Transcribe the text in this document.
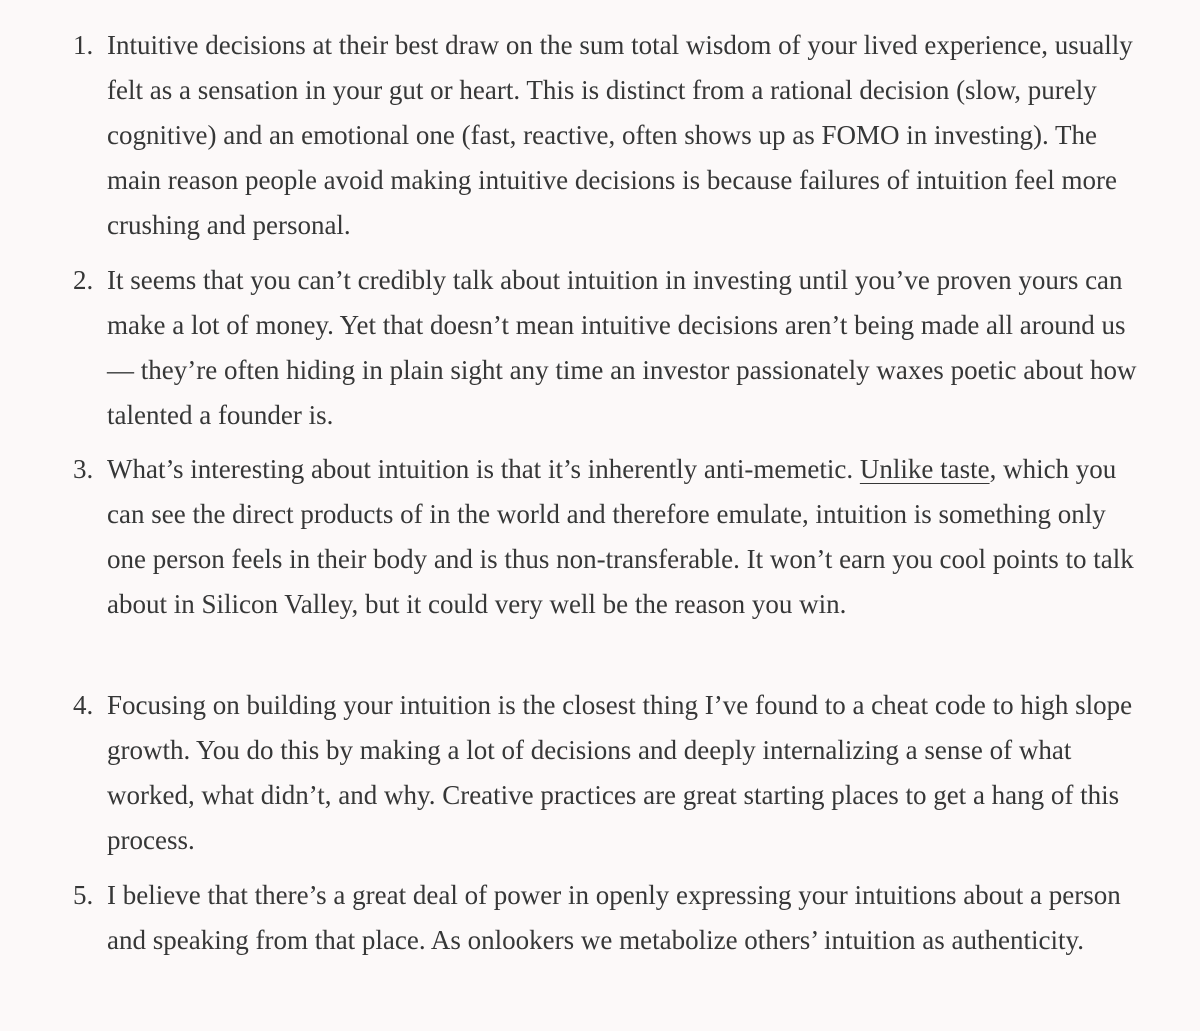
1. Intuitive decisions at their best draw on the sum total wisdom of your lived experience, usually felt as a sensation in your gut or heart. This is distinct from a rational decision (slow, purely cognitive) and an emotional one (fast, reactive, often shows up as FOMO in investing). The main reason people avoid making intuitive decisions is because failures of intuition feel more crushing and personal.
2. It seems that you can’t credibly talk about intuition in investing until you’ve proven yours can make a lot of money. Yet that doesn’t mean intuitive decisions aren’t being made all around us — they’re often hiding in plain sight any time an investor passionately waxes poetic about how talented a founder is.
3. What’s interesting about intuition is that it’s inherently anti-memetic. Unlike taste, which you can see the direct products of in the world and therefore emulate, intuition is something only one person feels in their body and is thus non-transferable. It won’t earn you cool points to talk about in Silicon Valley, but it could very well be the reason you win.
4. Focusing on building your intuition is the closest thing I’ve found to a cheat code to high slope growth. You do this by making a lot of decisions and deeply internalizing a sense of what worked, what didn’t, and why. Creative practices are great starting places to get a hang of this process.
5. I believe that there’s a great deal of power in openly expressing your intuitions about a person and speaking from that place. As onlookers we metabolize others’ intuition as authenticity.
